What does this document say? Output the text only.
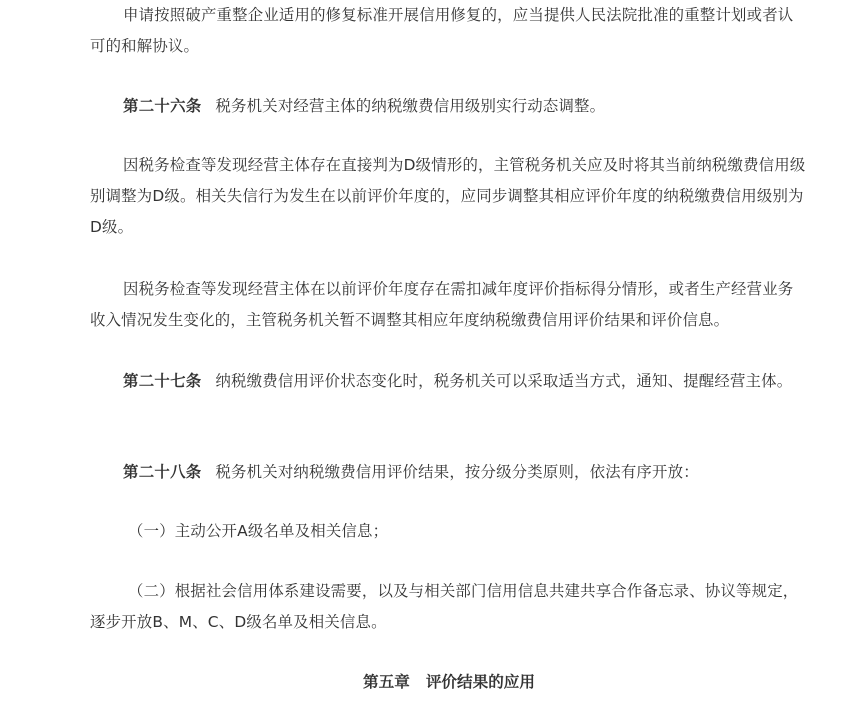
申请按照破产重整企业适用的修复标准开展信用修复的，应当提供人民法院批准的重整计划或者认可的和解协议。

第二十六条 税务机关对经营主体的纳税缴费信用级别实行动态调整。

因税务检查等发现经营主体存在直接判为D级情形的，主管税务机关应及时将其当前纳税缴费信用级别调整为D级。相关失信行为发生在以前评价年度的，应同步调整其相应评价年度的纳税缴费信用级别为D级。

因税务检查等发现经营主体在以前评价年度存在需扣减年度评价指标得分情形，或者生产经营业务收入情况发生变化的，主管税务机关暂不调整其相应年度纳税缴费信用评价结果和评价信息。

第二十七条 纳税缴费信用评价状态变化时，税务机关可以采取适当方式，通知、提醒经营主体。

第二十八条 税务机关对纳税缴费信用评价结果，按分级分类原则，依法有序开放：

（一）主动公开A级名单及相关信息；

（二）根据社会信用体系建设需要，以及与相关部门信用信息共建共享合作备忘录、协议等规定，逐步开放B、M、C、D级名单及相关信息。

第五章 评价结果的应用
